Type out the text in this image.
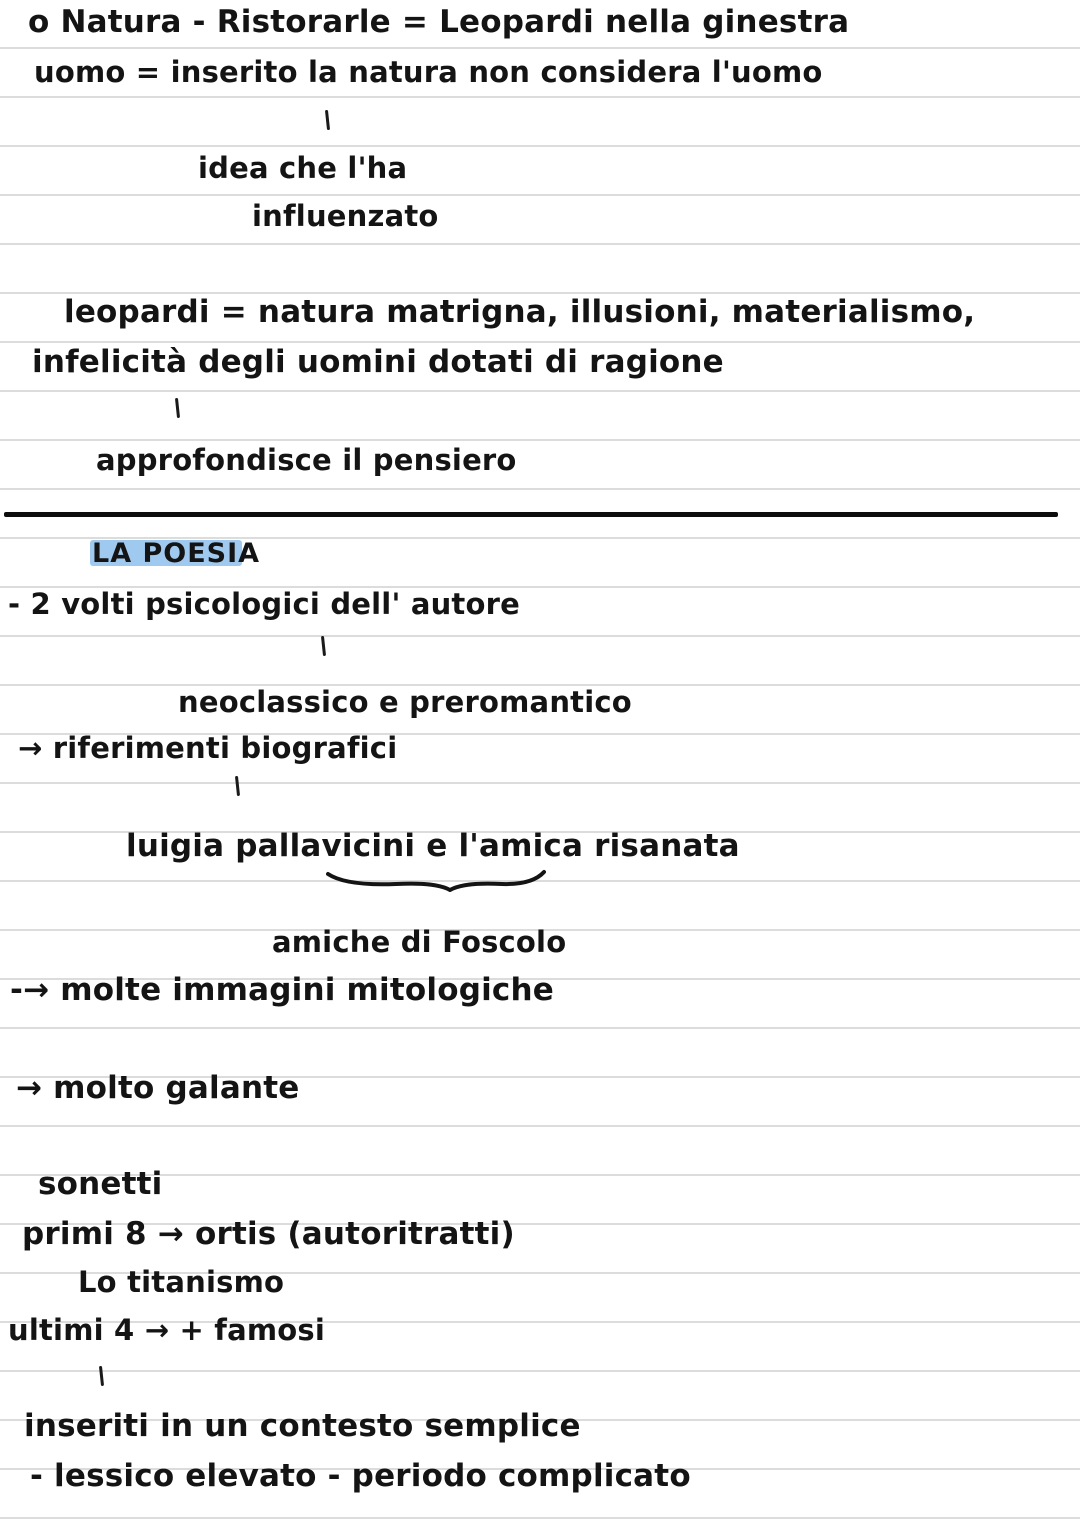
o Natura - Ristorarle = Leopardi nella ginestra
uomo = inserito la natura non considera l'uomo
idea che l'ha
influenzato
leopardi = natura matrigna, illusioni, materialismo,
infelicità degli uomini dotati di ragione
approfondisce il pensiero
LA POESIA
- 2 volti psicologici dell' autore
neoclassico e preromantico
→ riferimenti biografici
luigia pallavicini e l'amica risanata
amiche di Foscolo
-→ molte immagini mitologiche
→ molto galante
sonetti
primi 8 → ortis (autoritratti)
Lo titanismo
ultimi 4 → + famosi
inseriti in un contesto semplice
- lessico elevato - periodo complicato
